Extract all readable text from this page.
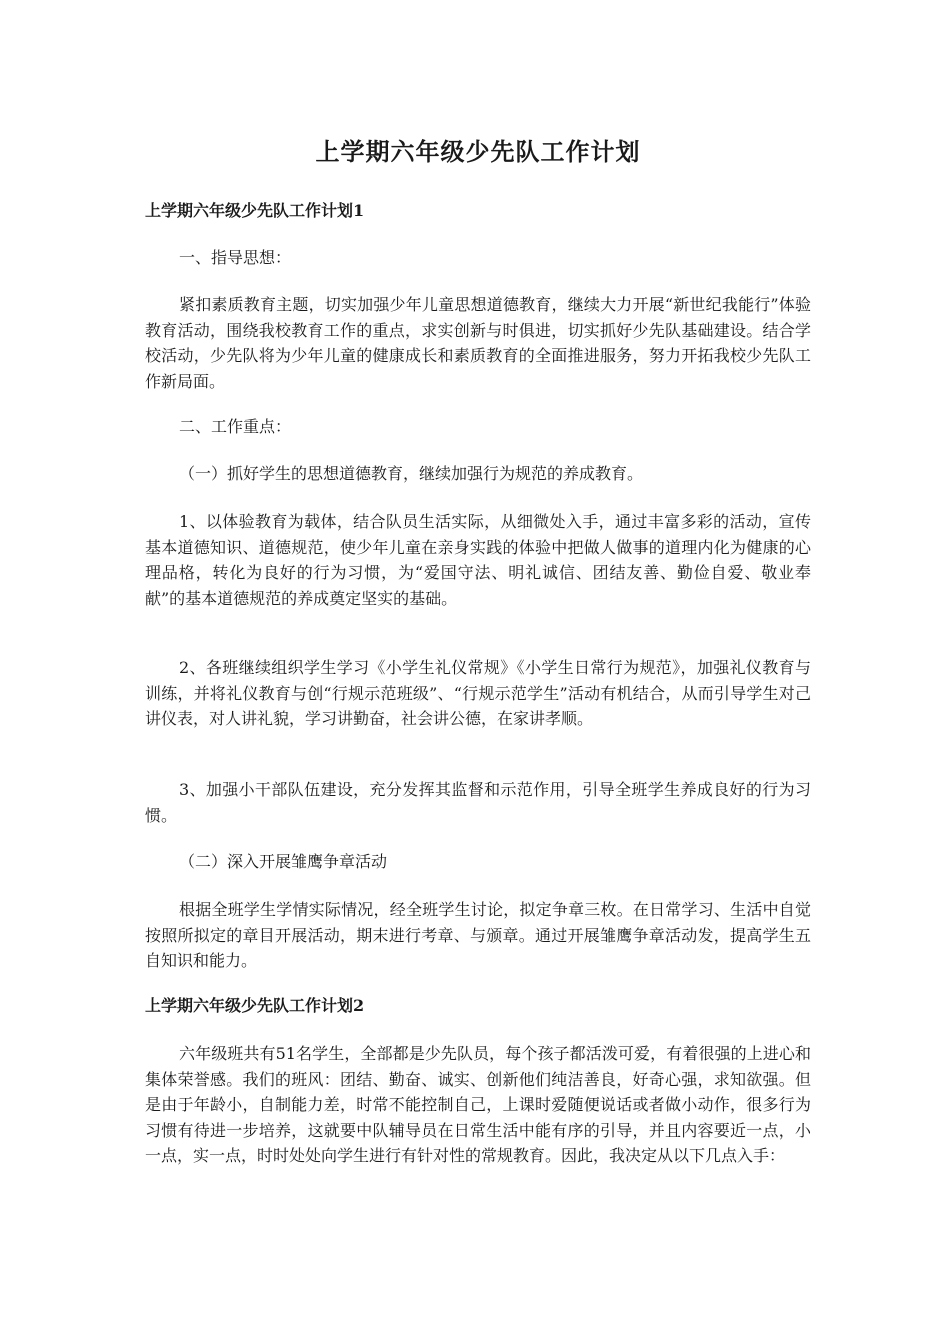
上学期六年级少先队工作计划
上学期六年级少先队工作计划1

一、指导思想：

紧扣素质教育主题，切实加强少年儿童思想道德教育，继续大力开展“新世纪我能行”体验教育活动，围绕我校教育工作的重点，求实创新与时俱进，切实抓好少先队基础建设。结合学校活动，少先队将为少年儿童的健康成长和素质教育的全面推进服务，努力开拓我校少先队工作新局面。

二、工作重点：

（一）抓好学生的思想道德教育，继续加强行为规范的养成教育。

1、以体验教育为载体，结合队员生活实际，从细微处入手，通过丰富多彩的活动，宣传基本道德知识、道德规范，使少年儿童在亲身实践的体验中把做人做事的道理内化为健康的心理品格，转化为良好的行为习惯，为“爱国守法、明礼诚信、团结友善、勤俭自爱、敬业奉献”的基本道德规范的养成奠定坚实的基础。

2、各班继续组织学生学习《小学生礼仪常规》《小学生日常行为规范》，加强礼仪教育与训练，并将礼仪教育与创“行规示范班级”、“行规示范学生”活动有机结合，从而引导学生对己讲仪表，对人讲礼貌，学习讲勤奋，社会讲公德，在家讲孝顺。

3、加强小干部队伍建设，充分发挥其监督和示范作用，引导全班学生养成良好的行为习惯。

（二）深入开展雏鹰争章活动

根据全班学生学情实际情况，经全班学生讨论，拟定争章三枚。在日常学习、生活中自觉按照所拟定的章目开展活动，期末进行考章、与颁章。通过开展雏鹰争章活动发，提高学生五自知识和能力。

上学期六年级少先队工作计划2

六年级班共有51名学生，全部都是少先队员，每个孩子都活泼可爱，有着很强的上进心和集体荣誉感。我们的班风：团结、勤奋、诚实、创新他们纯洁善良，好奇心强，求知欲强。但是由于年龄小，自制能力差，时常不能控制自己，上课时爱随便说话或者做小动作，很多行为习惯有待进一步培养，这就要中队辅导员在日常生活中能有序的引导，并且内容要近一点，小一点，实一点，时时处处向学生进行有针对性的常规教育。因此，我决定从以下几点入手：
